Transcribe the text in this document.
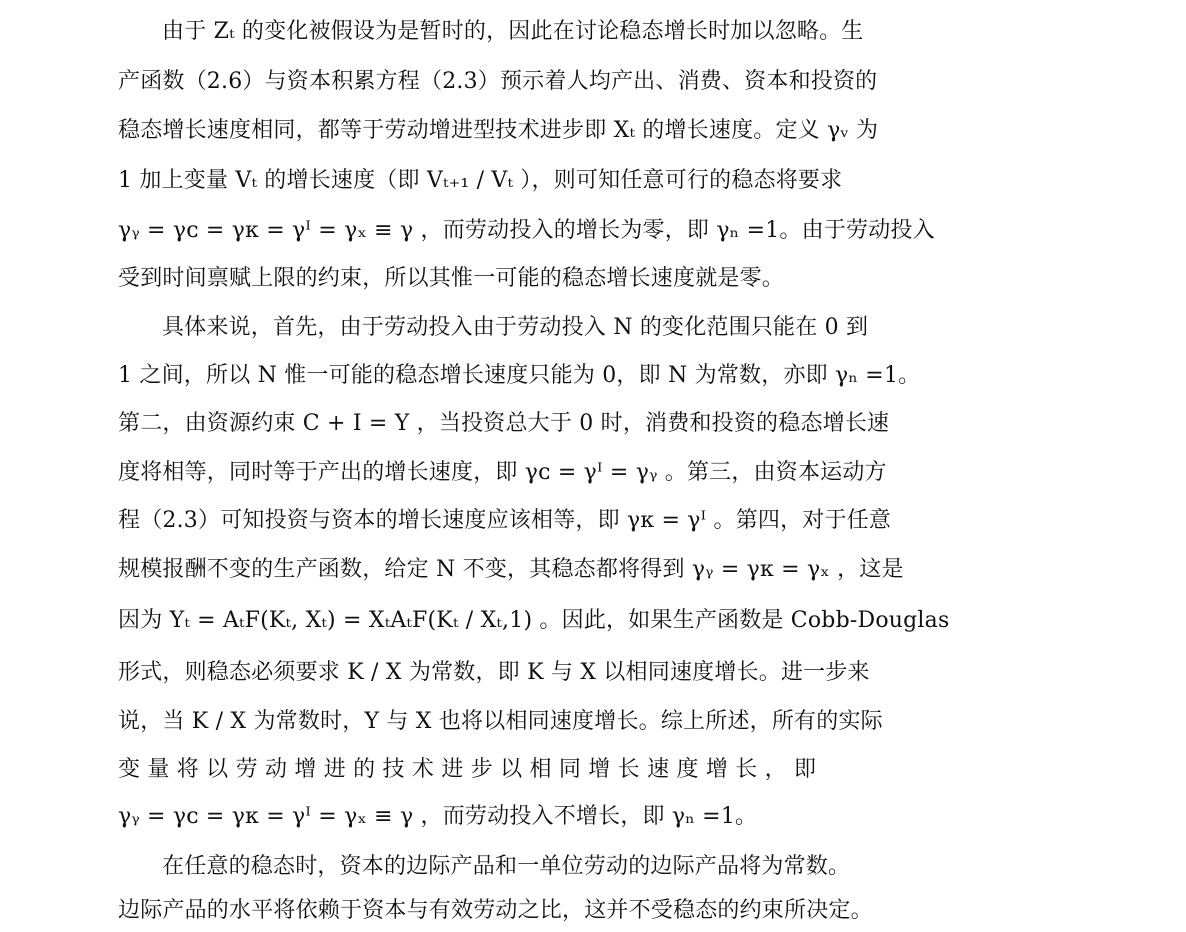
由于 Zₜ 的变化被假设为是暂时的，因此在讨论稳态增长时加以忽略。生
产函数（2.6）与资本积累方程（2.3）预示着人均产出、消费、资本和投资的
稳态增长速度相同，都等于劳动增进型技术进步即 Xₜ 的增长速度。定义 γᵥ 为
1 加上变量 Vₜ 的增长速度（即 Vₜ₊₁ / Vₜ ），则可知任意可行的稳态将要求
γᵧ = γᴄ = γᴋ = γᴵ = γₓ ≡ γ ，而劳动投入的增长为零，即 γₙ =1。由于劳动投入
受到时间禀赋上限的约束，所以其惟一可能的稳态增长速度就是零。
具体来说，首先，由于劳动投入由于劳动投入 N 的变化范围只能在 0 到
1 之间，所以 N 惟一可能的稳态增长速度只能为 0，即 N 为常数，亦即 γₙ =1。
第二，由资源约束 C + I = Y ，当投资总大于 0 时，消费和投资的稳态增长速
度将相等，同时等于产出的增长速度，即 γᴄ = γᴵ = γᵧ 。第三，由资本运动方
程（2.3）可知投资与资本的增长速度应该相等，即 γᴋ = γᴵ 。第四，对于任意
规模报酬不变的生产函数，给定 N 不变，其稳态都将得到 γᵧ = γᴋ = γₓ ，这是
因为 Yₜ = AₜF(Kₜ, Xₜ) = XₜAₜF(Kₜ / Xₜ,1) 。因此，如果生产函数是 Cobb-Douglas
形式，则稳态必须要求 K / X 为常数，即 K 与 X 以相同速度增长。进一步来
说，当 K / X 为常数时，Y 与 X 也将以相同速度增长。综上所述，所有的实际
变 量 将 以 劳 动 增 进 的 技 术 进 步 以 相 同 增 长 速 度 增 长 ， 即
γᵧ = γᴄ = γᴋ = γᴵ = γₓ ≡ γ ，而劳动投入不增长，即 γₙ =1。
在任意的稳态时，资本的边际产品和一单位劳动的边际产品将为常数。
边际产品的水平将依赖于资本与有效劳动之比，这并不受稳态的约束所决定。
